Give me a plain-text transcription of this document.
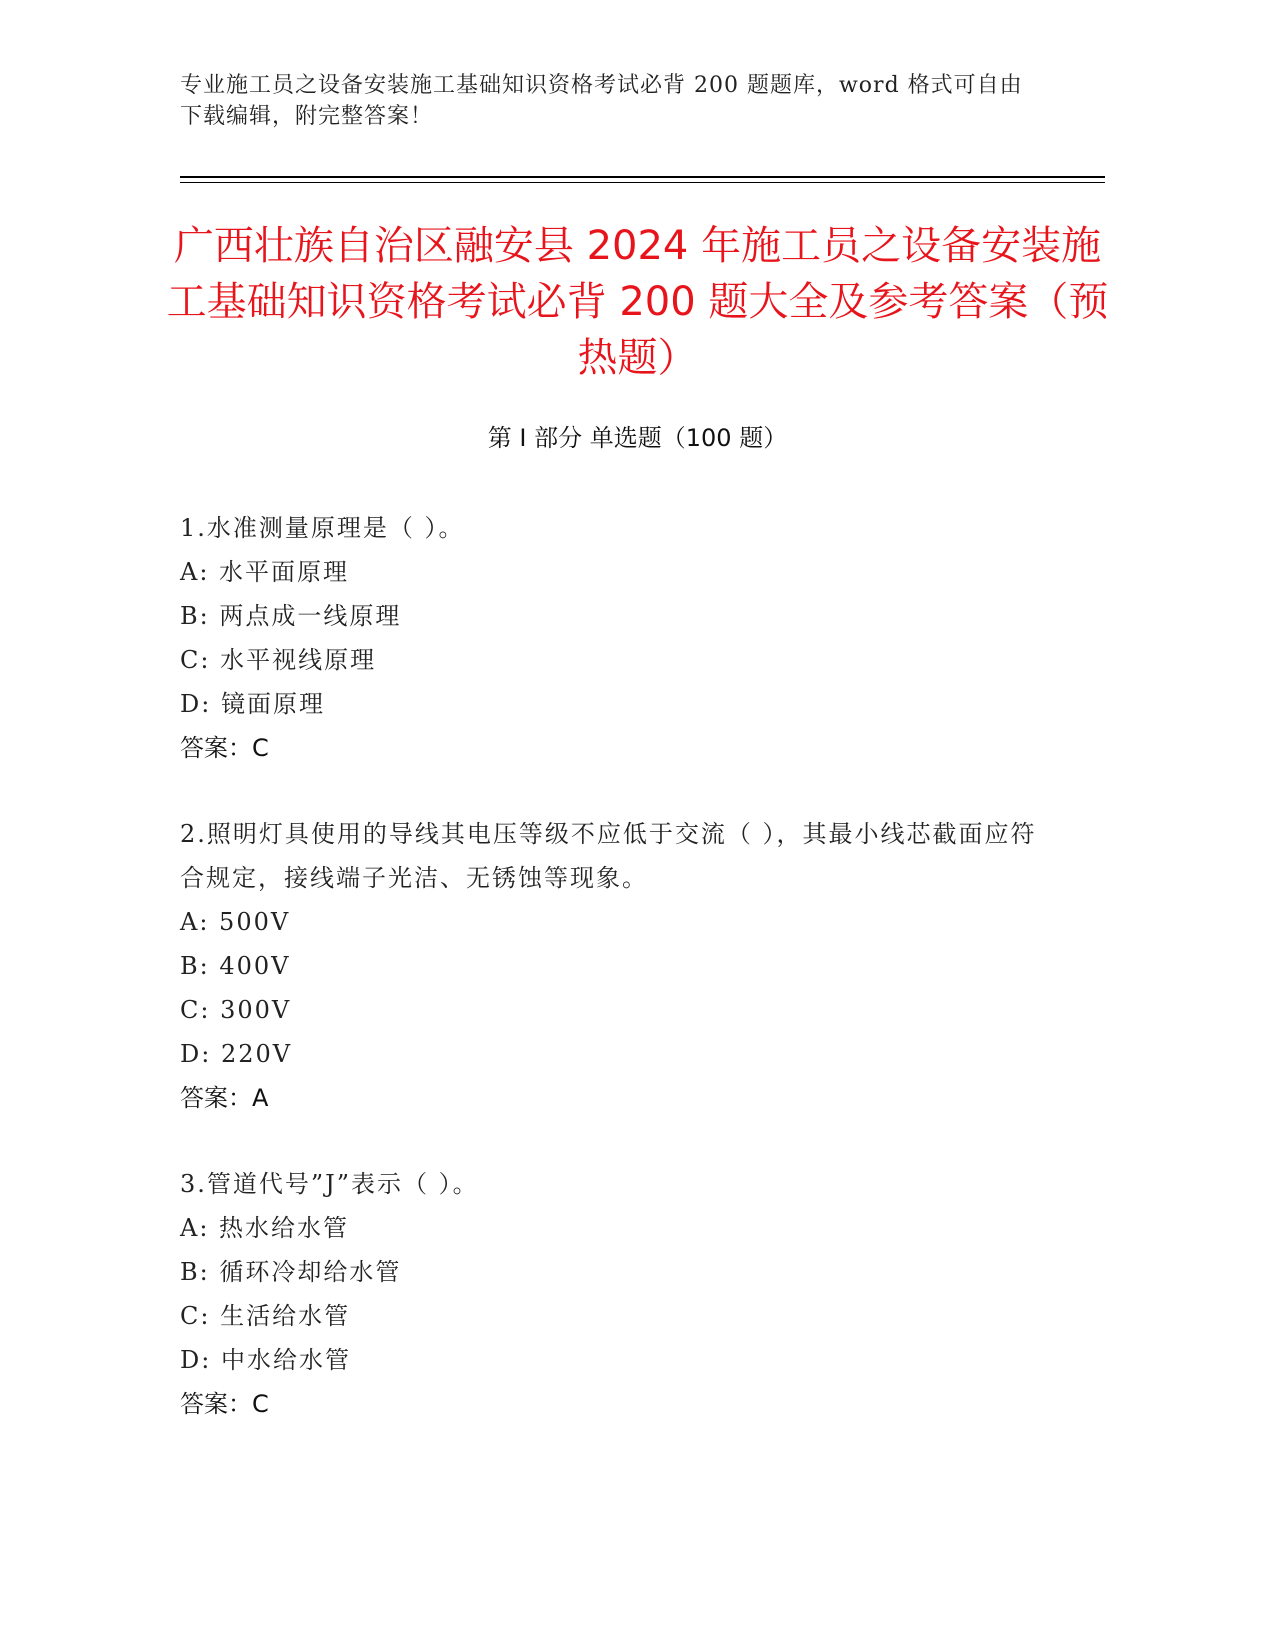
专业施工员之设备安装施工基础知识资格考试必背 200 题题库，word 格式可自由下载编辑，附完整答案！
广西壮族自治区融安县 2024 年施工员之设备安装施工基础知识资格考试必背 200 题大全及参考答案（预热题）
第 I 部分 单选题（100 题）
1.水准测量原理是（ ）。
A: 水平面原理
B: 两点成一线原理
C: 水平视线原理
D: 镜面原理
答案：C
2.照明灯具使用的导线其电压等级不应低于交流（ ），其最小线芯截面应符合规定，接线端子光洁、无锈蚀等现象。
A: 500V
B: 400V
C: 300V
D: 220V
答案：A
3.管道代号”J”表示（ ）。
A: 热水给水管
B: 循环冷却给水管
C: 生活给水管
D: 中水给水管
答案：C
